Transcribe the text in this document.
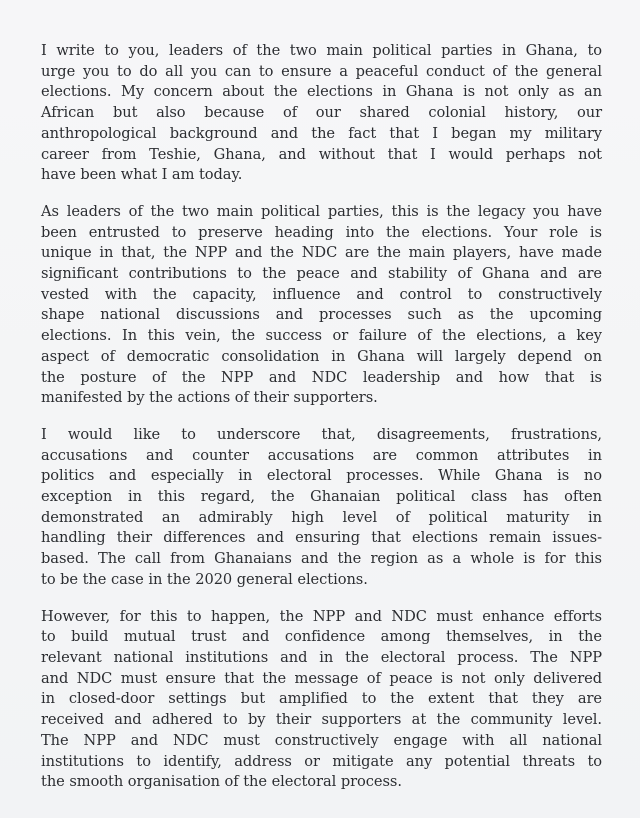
I write to you, leaders of the two main political parties in Ghana, to
urge you to do all you can to ensure a peaceful conduct of the general
elections. My concern about the elections in Ghana is not only as an
African but also because of our shared colonial history, our
anthropological background and the fact that I began my military
career from Teshie, Ghana, and without that I would perhaps not
have been what I am today.

As leaders of the two main political parties, this is the legacy you have
been entrusted to preserve heading into the elections. Your role is
unique in that, the NPP and the NDC are the main players, have made
significant contributions to the peace and stability of Ghana and are
vested with the capacity, influence and control to constructively
shape national discussions and processes such as the upcoming
elections. In this vein, the success or failure of the elections, a key
aspect of democratic consolidation in Ghana will largely depend on
the posture of the NPP and NDC leadership and how that is
manifested by the actions of their supporters.

I would like to underscore that, disagreements, frustrations,
accusations and counter accusations are common attributes in
politics and especially in electoral processes. While Ghana is no
exception in this regard, the Ghanaian political class has often
demonstrated an admirably high level of political maturity in
handling their differences and ensuring that elections remain issues-
based. The call from Ghanaians and the region as a whole is for this
to be the case in the 2020 general elections.

However, for this to happen, the NPP and NDC must enhance efforts
to build mutual trust and confidence among themselves, in the
relevant national institutions and in the electoral process. The NPP
and NDC must ensure that the message of peace is not only delivered
in closed-door settings but amplified to the extent that they are
received and adhered to by their supporters at the community level.
The NPP and NDC must constructively engage with all national
institutions to identify, address or mitigate any potential threats to
the smooth organisation of the electoral process.
